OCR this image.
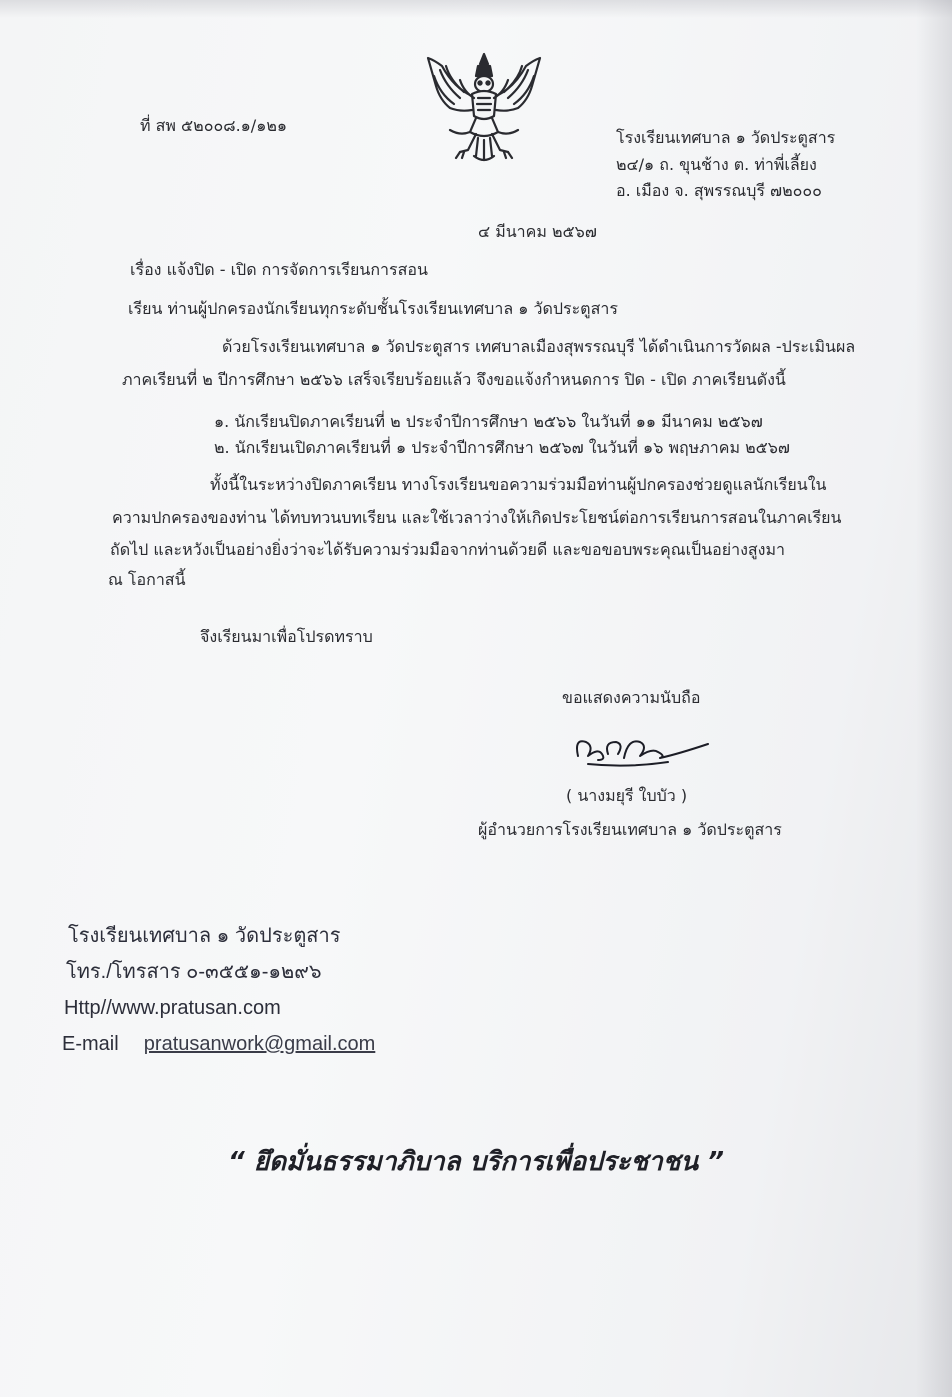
ที่ สพ ๕๒๐๐๘.๑/๑๒๑
โรงเรียนเทศบาล ๑ วัดประตูสาร
๒๔/๑ ถ. ขุนช้าง ต. ท่าพี่เลี้ยง
อ. เมือง จ. สุพรรณบุรี ๗๒๐๐๐
๔ มีนาคม ๒๕๖๗
เรื่อง แจ้งปิด - เปิด การจัดการเรียนการสอน
เรียน ท่านผู้ปกครองนักเรียนทุกระดับชั้นโรงเรียนเทศบาล ๑ วัดประตูสาร
ด้วยโรงเรียนเทศบาล ๑ วัดประตูสาร เทศบาลเมืองสุพรรณบุรี ได้ดำเนินการวัดผล -ประเมินผล
ภาคเรียนที่ ๒ ปีการศึกษา ๒๕๖๖ เสร็จเรียบร้อยแล้ว จึงขอแจ้งกำหนดการ ปิด - เปิด ภาคเรียนดังนี้
๑. นักเรียนปิดภาคเรียนที่ ๒ ประจำปีการศึกษา ๒๕๖๖ ในวันที่ ๑๑ มีนาคม ๒๕๖๗
๒. นักเรียนเปิดภาคเรียนที่ ๑ ประจำปีการศึกษา ๒๕๖๗ ในวันที่ ๑๖ พฤษภาคม ๒๕๖๗
ทั้งนี้ในระหว่างปิดภาคเรียน ทางโรงเรียนขอความร่วมมือท่านผู้ปกครองช่วยดูแลนักเรียนใน
ความปกครองของท่าน ได้ทบทวนบทเรียน และใช้เวลาว่างให้เกิดประโยชน์ต่อการเรียนการสอนในภาคเรียน
ถัดไป และหวังเป็นอย่างยิ่งว่าจะได้รับความร่วมมือจากท่านด้วยดี และขอขอบพระคุณเป็นอย่างสูงมา
ณ โอกาสนี้
จึงเรียนมาเพื่อโปรดทราบ
ขอแสดงความนับถือ
( นางมยุรี ใบบัว )
ผู้อำนวยการโรงเรียนเทศบาล ๑ วัดประตูสาร
โรงเรียนเทศบาล ๑ วัดประตูสาร
โทร./โทรสาร ๐-๓๕๕๑-๑๒๙๖
Http//www.pratusan.com
E-mail pratusanwork@gmail.com
“ ยึดมั่นธรรมาภิบาล บริการเพื่อประชาชน ”
